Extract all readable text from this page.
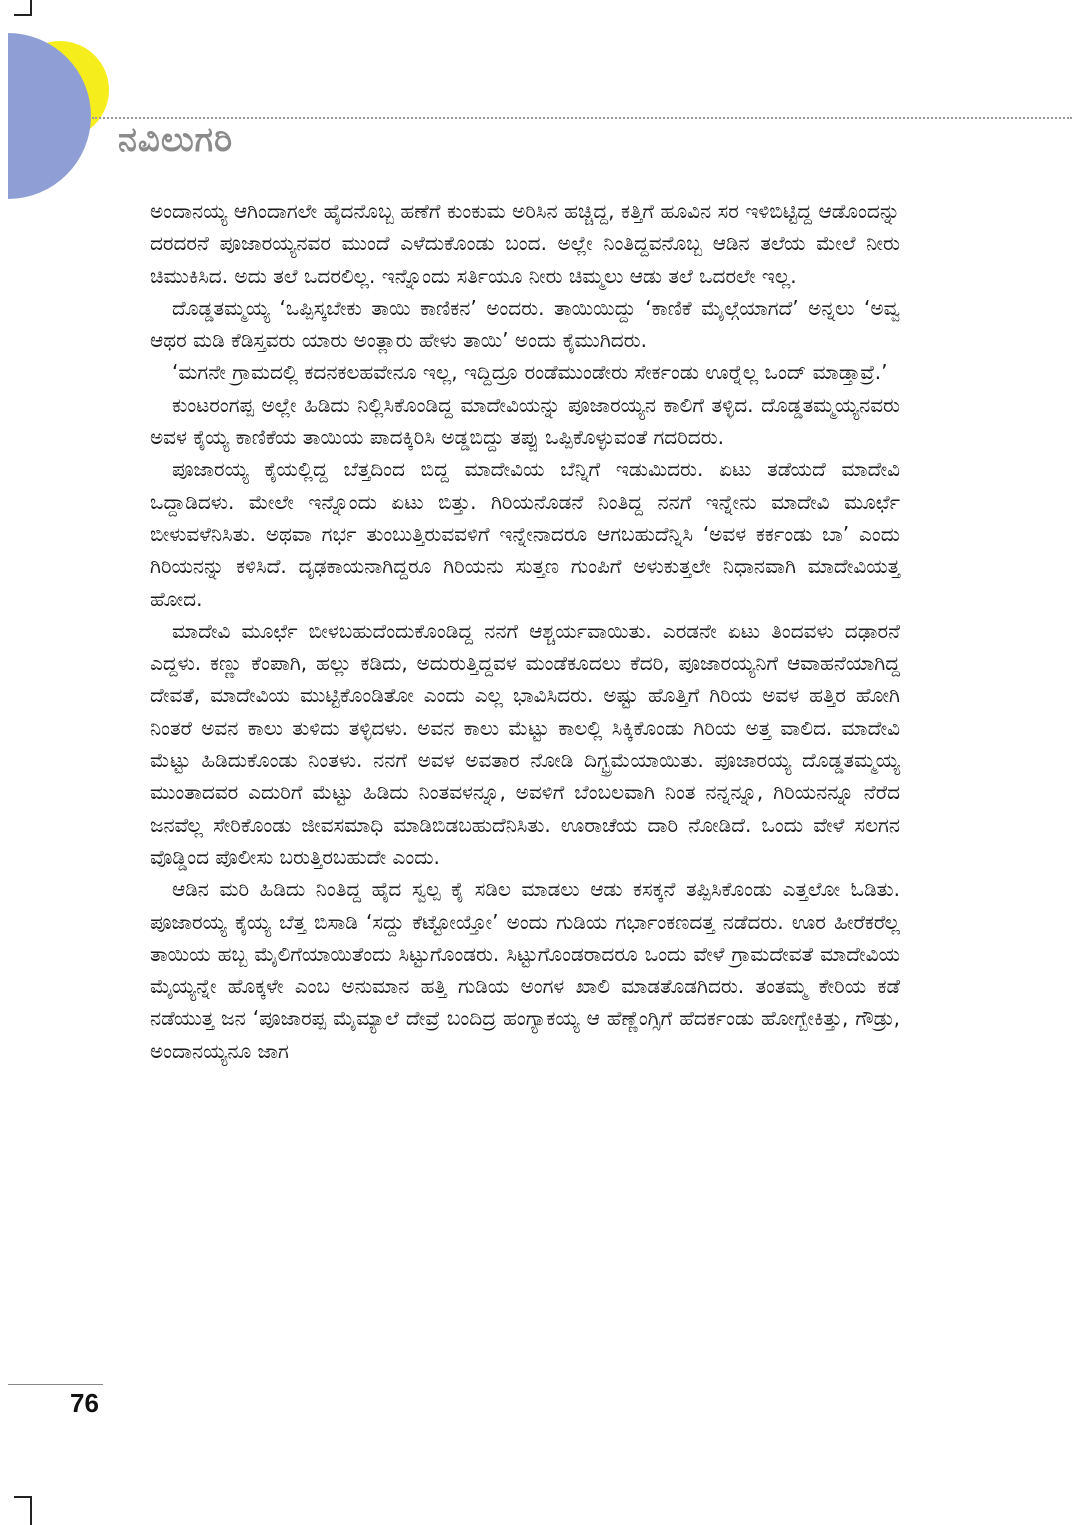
ನವಿಲುಗರಿ

ಅಂದಾನಯ್ಯ ಆಗಿಂದಾಗಲೇ ಹೈದನೊಬ್ಬ ಹಣೆಗೆ ಕುಂಕುಮ ಅರಿಸಿನ ಹಚ್ಚಿದ್ದ, ಕತ್ತಿಗೆ ಹೂವಿನ ಸರ ಇಳಿಬಿಟ್ಟಿದ್ದ ಆಡೊಂದನ್ನು ದರದರನೆ ಪೂಜಾರಯ್ಯನವರ ಮುಂದೆ ಎಳೆದುಕೊಂಡು ಬಂದ. ಅಲ್ಲೇ ನಿಂತಿದ್ದವನೊಬ್ಬ ಆಡಿನ ತಲೆಯ ಮೇಲೆ ನೀರು ಚಿಮುಕಿಸಿದ. ಅದು ತಲೆ ಒದರಲಿಲ್ಲ. ಇನ್ನೊಂದು ಸರ್ತಿಯೂ ನೀರು ಚಿಮ್ಮಲು ಆಡು ತಲೆ ಒದರಲೇ ಇಲ್ಲ.

ದೊಡ್ಡತಮ್ಮಯ್ಯ ‘ಒಪ್ಪಿಸ್ಕಬೇಕು ತಾಯಿ ಕಾಣಿಕನ’ ಅಂದರು. ತಾಯಿಯಿದ್ದು ‘ಕಾಣಿಕೆ ಮೈಲ್ಗೆಯಾಗದೆ’ ಅನ್ನಲು ‘ಅವ್ವ ಆಥರ ಮಡಿ ಕೆಡಿಸ್ತವರು ಯಾರು ಅಂತ್ಲಾರು ಹೇಳು ತಾಯಿ’ ಅಂದು ಕೈಮುಗಿದರು.

‘ಮಗನೇ ಗ್ರಾಮದಲ್ಲಿ ಕದನಕಲಹವೇನೂ ಇಲ್ಲ, ಇದ್ದಿದ್ರೂ ರಂಡೆಮುಂಡೇರು ಸೇರ್ಕಂಡು ಊರ್‍ನೆಲ್ಲ ಒಂದ್ ಮಾಡ್ತಾವ್ರೆ.’

ಕುಂಟರಂಗಪ್ಪ ಅಲ್ಲೇ ಹಿಡಿದು ನಿಲ್ಲಿಸಿಕೊಂಡಿದ್ದ ಮಾದೇವಿಯನ್ನು ಪೂಜಾರಯ್ಯನ ಕಾಲಿಗೆ ತಳ್ಳಿದ. ದೊಡ್ಡತಮ್ಮಯ್ಯನವರು ಅವಳ ಕೈಯ್ಯ ಕಾಣಿಕೆಯ ತಾಯಿಯ ಪಾದಕ್ಕಿರಿಸಿ ಅಡ್ಡಬಿದ್ದು ತಪ್ಪು ಒಪ್ಪಿಕೊಳ್ಳುವಂತೆ ಗದರಿದರು.

ಪೂಜಾರಯ್ಯ ಕೈಯಲ್ಲಿದ್ದ ಬೆತ್ತದಿಂದ ಬಿದ್ದ ಮಾದೇವಿಯ ಬೆನ್ನಿಗೆ ಇಡುಮಿದರು. ಏಟು ತಡೆಯದೆ ಮಾದೇವಿ ಒದ್ದಾಡಿದಳು. ಮೇಲೇ ಇನ್ನೊಂದು ಏಟು ಬಿತ್ತು. ಗಿರಿಯನೊಡನೆ ನಿಂತಿದ್ದ ನನಗೆ ಇನ್ನೇನು ಮಾದೇವಿ ಮೂರ್ಛೆ ಬೀಳುವಳೆನಿಸಿತು. ಅಥವಾ ಗರ್ಭ ತುಂಬುತ್ತಿರುವವಳಿಗೆ ಇನ್ನೇನಾದರೂ ಆಗಬಹುದೆನ್ನಿಸಿ ‘ಅವಳ ಕರ್ಕಂಡು ಬಾ’ ಎಂದು ಗಿರಿಯನನ್ನು ಕಳಿಸಿದೆ. ದೃಢಕಾಯನಾಗಿದ್ದರೂ ಗಿರಿಯನು ಸುತ್ತಣ ಗುಂಪಿಗೆ ಅಳುಕುತ್ತಲೇ ನಿಧಾನವಾಗಿ ಮಾದೇವಿಯತ್ತ ಹೋದ.

ಮಾದೇವಿ ಮೂರ್ಛೆ ಬೀಳಬಹುದೆಂದುಕೊಂಡಿದ್ದ ನನಗೆ ಆಶ್ಚರ್ಯವಾಯಿತು. ಎರಡನೇ ಏಟು ತಿಂದವಳು ದಢಾರನೆ ಎದ್ದಳು. ಕಣ್ಣು ಕೆಂಪಾಗಿ, ಹಲ್ಲು ಕಡಿದು, ಅದುರುತ್ತಿದ್ದವಳ ಮಂಡೆಕೂದಲು ಕೆದರಿ, ಪೂಜಾರಯ್ಯನಿಗೆ ಆವಾಹನೆಯಾಗಿದ್ದ ದೇವತೆ, ಮಾದೇವಿಯ ಮುಟ್ಟಿಕೊಂಡಿತೋ ಎಂದು ಎಲ್ಲ ಭಾವಿಸಿದರು. ಅಷ್ಟು ಹೊತ್ತಿಗೆ ಗಿರಿಯ ಅವಳ ಹತ್ತಿರ ಹೋಗಿ ನಿಂತರೆ ಅವನ ಕಾಲು ತುಳಿದು ತಳ್ಳಿದಳು. ಅವನ ಕಾಲು ಮೆಟ್ಟು ಕಾಲಲ್ಲಿ ಸಿಕ್ಕಿಕೊಂಡು ಗಿರಿಯ ಅತ್ತ ವಾಲಿದ. ಮಾದೇವಿ ಮೆಟ್ಟು ಹಿಡಿದುಕೊಂಡು ನಿಂತಳು. ನನಗೆ ಅವಳ ಅವತಾರ ನೋಡಿ ದಿಗ್ಭ್ರಮೆಯಾಯಿತು. ಪೂಜಾರಯ್ಯ ದೊಡ್ಡತಮ್ಮಯ್ಯ ಮುಂತಾದವರ ಎದುರಿಗೆ ಮೆಟ್ಟು ಹಿಡಿದು ನಿಂತವಳನ್ನೂ, ಅವಳಿಗೆ ಬೆಂಬಲವಾಗಿ ನಿಂತ ನನ್ನನ್ನೂ, ಗಿರಿಯನನ್ನೂ ನೆರೆದ ಜನವೆಲ್ಲ ಸೇರಿಕೊಂಡು ಜೀವಸಮಾಧಿ ಮಾಡಿಬಿಡಬಹುದೆನಿಸಿತು. ಊರಾಚೆಯ ದಾರಿ ನೋಡಿದೆ. ಒಂದು ವೇಳೆ ಸಲಗನ ವೊಡ್ಡಿಂದ ಪೊಲೀಸು ಬರುತ್ತಿರಬಹುದೇ ಎಂದು.

ಆಡಿನ ಮರಿ ಹಿಡಿದು ನಿಂತಿದ್ದ ಹೈದ ಸ್ವಲ್ಪ ಕೈ ಸಡಿಲ ಮಾಡಲು ಆಡು ಕಸಕ್ಕನೆ ತಪ್ಪಿಸಿಕೊಂಡು ಎತ್ತಲೋ ಓಡಿತು. ಪೂಜಾರಯ್ಯ ಕೈಯ್ಯ ಬೆತ್ತ ಬಿಸಾಡಿ ‘ಸದ್ದು ಕೆಟ್ಟೋಯ್ತೋ’ ಅಂದು ಗುಡಿಯ ಗರ್ಭಾಂಕಣದತ್ತ ನಡೆದರು. ಊರ ಹೀರೆಕರೆಲ್ಲ ತಾಯಿಯ ಹಬ್ಬ ಮೈಲಿಗೆಯಾಯಿತೆಂದು ಸಿಟ್ಟುಗೊಂಡರು. ಸಿಟ್ಟುಗೊಂಡರಾದರೂ ಒಂದು ವೇಳೆ ಗ್ರಾಮದೇವತೆ ಮಾದೇವಿಯ ಮೈಯ್ಯನ್ನೇ ಹೊಕ್ಕಳೇ ಎಂಬ ಅನುಮಾನ ಹತ್ತಿ ಗುಡಿಯ ಅಂಗಳ ಖಾಲಿ ಮಾಡತೊಡಗಿದರು. ತಂತಮ್ಮ ಕೇರಿಯ ಕಡೆ ನಡೆಯುತ್ತ ಜನ ‘ಪೂಜಾರಪ್ಪ ಮೈಮ್ಯಾಲೆ ದೇವ್ರೆ ಬಂದಿದ್ರ ಹಂಗ್ಯಾಕಯ್ಯ ಆ ಹೆಣ್ಣೆಂಗ್ಸಿಗೆ ಹೆದರ್ಕಂಡು ಹೋಗ್ಬೇಕಿತ್ತು, ಗೌಡ್ರು, ಅಂದಾನಯ್ಯನೂ ಜಾಗ

76
